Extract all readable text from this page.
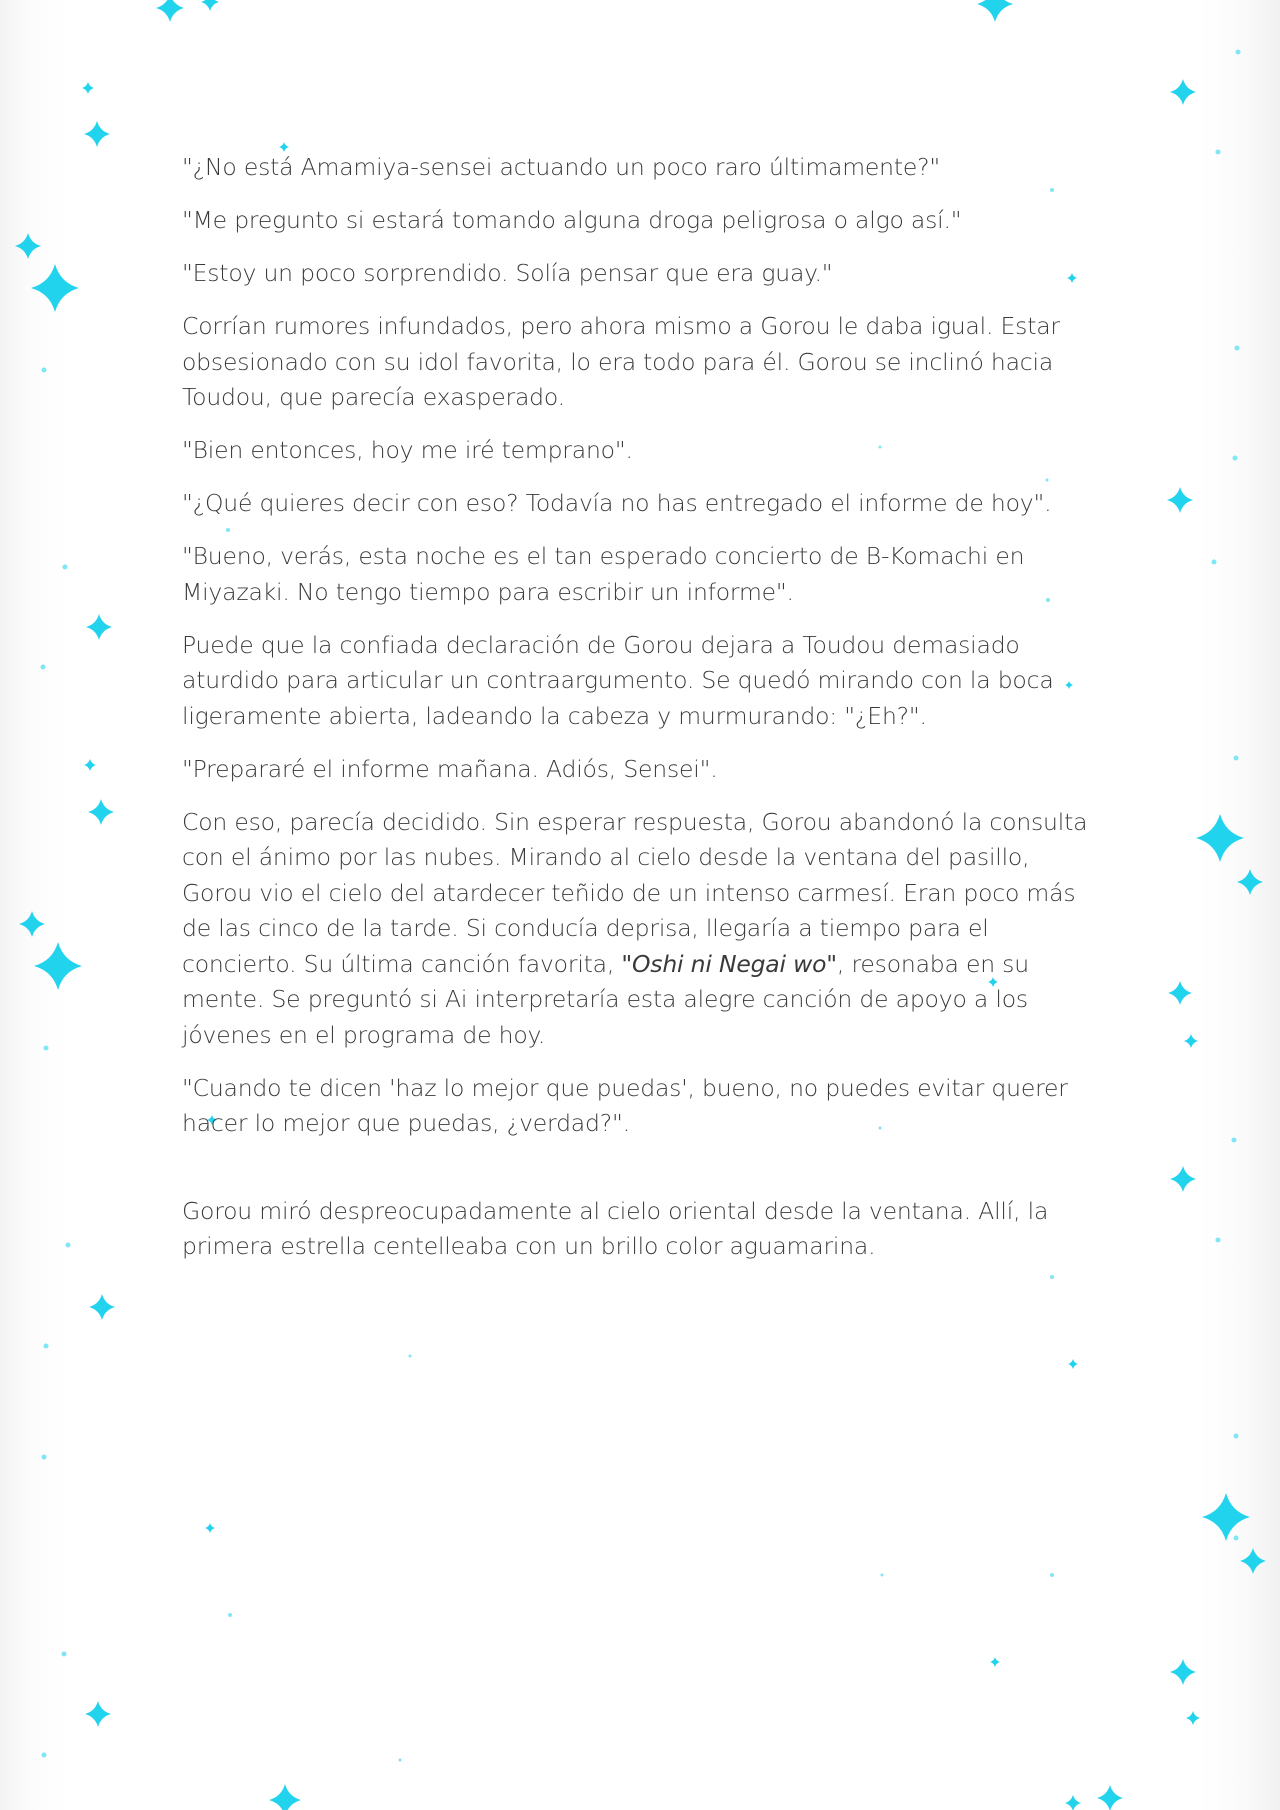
"¿No está Amamiya-sensei actuando un poco raro últimamente?"

"Me pregunto si estará tomando alguna droga peligrosa o algo así."

"Estoy un poco sorprendido. Solía pensar que era guay."

Corrían rumores infundados, pero ahora mismo a Gorou le daba igual. Estar obsesionado con su idol favorita, lo era todo para él. Gorou se inclinó hacia Toudou, que parecía exasperado.

"Bien entonces, hoy me iré temprano".

"¿Qué quieres decir con eso? Todavía no has entregado el informe de hoy".

"Bueno, verás, esta noche es el tan esperado concierto de B-Komachi en Miyazaki. No tengo tiempo para escribir un informe".

Puede que la confiada declaración de Gorou dejara a Toudou demasiado aturdido para articular un contraargumento. Se quedó mirando con la boca ligeramente abierta, ladeando la cabeza y murmurando: "¿Eh?".

"Prepararé el informe mañana. Adiós, Sensei".

Con eso, parecía decidido. Sin esperar respuesta, Gorou abandonó la consulta con el ánimo por las nubes. Mirando al cielo desde la ventana del pasillo, Gorou vio el cielo del atardecer teñido de un intenso carmesí. Eran poco más de las cinco de la tarde. Si conducía deprisa, llegaría a tiempo para el concierto. Su última canción favorita, "Oshi ni Negai wo", resonaba en su mente. Se preguntó si Ai interpretaría esta alegre canción de apoyo a los jóvenes en el programa de hoy.

"Cuando te dicen 'haz lo mejor que puedas', bueno, no puedes evitar querer hacer lo mejor que puedas, ¿verdad?".

Gorou miró despreocupadamente al cielo oriental desde la ventana. Allí, la primera estrella centelleaba con un brillo color aguamarina.
